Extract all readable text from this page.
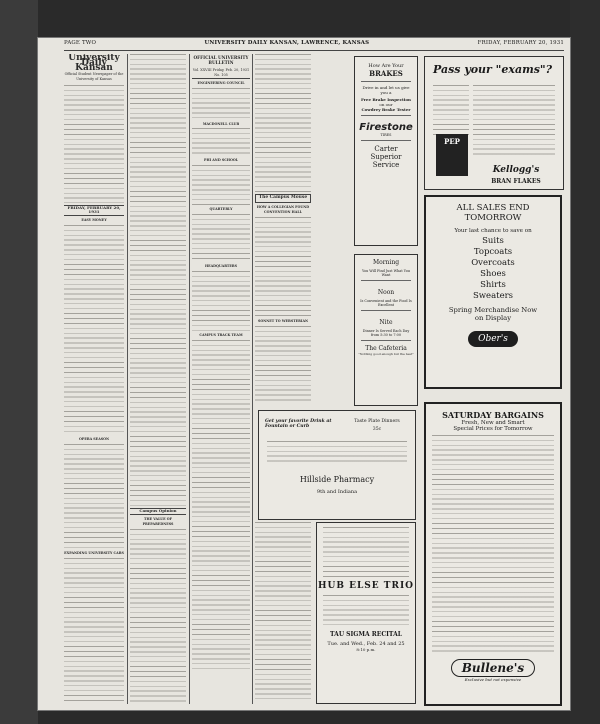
PAGE TWO	UNIVERSITY DAILY KANSAN, LAWRENCE, KANSAS	FRIDAY, FEBRUARY 20, 1931
University Daily Kansan
Official Student Newspaper of the University of Kansas
FRIDAY, FEBRUARY 20, 1931
EASY MONEY
OPERA SEASON
EXPANDING UNIVERSITY CARS
Campus Opinion
THE VALUE OF PREPAREDNESS
OFFICIAL UNIVERSITY BULLETIN
Vol. XXVIII Friday, Feb. 20, 1931 No. 105
ENGINEERING COUNCIL
MACDONELL CLUB
PHI AND SCHOOL
QUARTERLY
HEADQUARTERS
CAMPUS TRACK TEAM
The Campus Mouse
HOW A COLLEGIAN FOUND CONVENTION HALL
SONNET TO WEBSTERIAN
How Are Your
BRAKES
Drive in and let us give you a
Free Brake Inspection
on our
Cowdrey Brake Tester
Firestone
TIRES
Carter
Superior
Service
Morning
You Will Find Just What You Want
Noon
Is Convenient and the Food Is Excellent
Nite
Dinner Is Served Each Day from 5:30 to 7:00
The Cafeteria
"Nothing good enough but the best"
Pass your "exams"?
Kellogg's
BRAN FLAKES
PEP
ALL SALES END
TOMORROW
Your last chance to save on
Suits
Topcoats
Overcoats
Shoes
Shirts
Sweaters
Spring Merchandise Now
on Display
Ober's
SATURDAY BARGAINS
Fresh, New and Smart
Special Prices for Tomorrow
Bullene's
Exclusive but not expensive
Get your favorite Drink at Fountain or Curb
Taste Plate Dinners
35c
Hillside Pharmacy
9th and Indiana
HUB ELSE TRIO
TAU SIGMA RECITAL
Tue. and Wed., Feb. 24 and 25
8:10 p.m.
